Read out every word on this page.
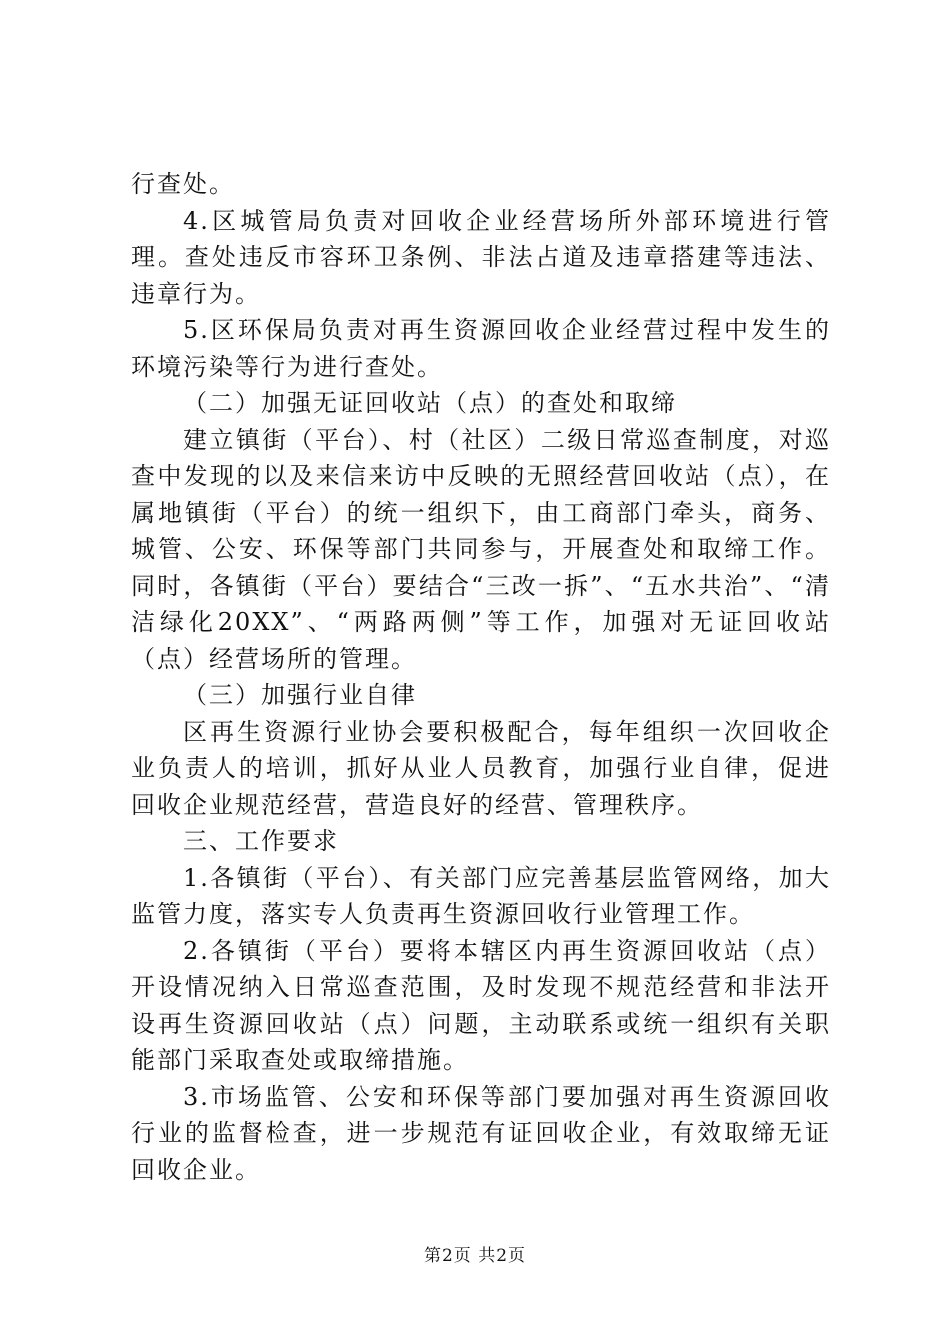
行查处。

4.区城管局负责对回收企业经营场所外部环境进行管理。查处违反市容环卫条例、非法占道及违章搭建等违法、违章行为。

5.区环保局负责对再生资源回收企业经营过程中发生的环境污染等行为进行查处。

（二）加强无证回收站（点）的查处和取缔

建立镇街（平台）、村（社区）二级日常巡查制度，对巡查中发现的以及来信来访中反映的无照经营回收站（点），在属地镇街（平台）的统一组织下，由工商部门牵头，商务、城管、公安、环保等部门共同参与，开展查处和取缔工作。同时，各镇街（平台）要结合“三改一拆”、“五水共治”、“清洁绿化20XX”、“两路两侧”等工作，加强对无证回收站（点）经营场所的管理。

（三）加强行业自律

区再生资源行业协会要积极配合，每年组织一次回收企业负责人的培训，抓好从业人员教育，加强行业自律，促进回收企业规范经营，营造良好的经营、管理秩序。

三、工作要求

1.各镇街（平台）、有关部门应完善基层监管网络，加大监管力度，落实专人负责再生资源回收行业管理工作。

2.各镇街（平台）要将本辖区内再生资源回收站（点）开设情况纳入日常巡查范围，及时发现不规范经营和非法开设再生资源回收站（点）问题，主动联系或统一组织有关职能部门采取查处或取缔措施。

3.市场监管、公安和环保等部门要加强对再生资源回收行业的监督检查，进一步规范有证回收企业，有效取缔无证回收企业。

第2页 共2页
